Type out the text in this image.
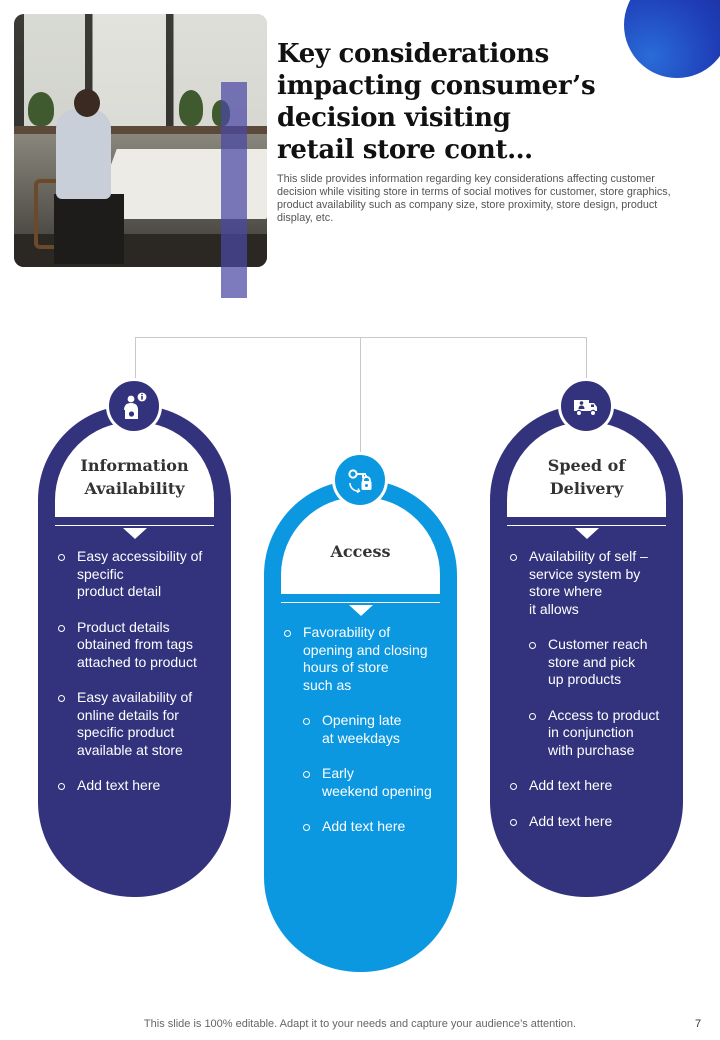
Key considerations
impacting consumer’s
decision visiting
retail store cont…

This slide provides information regarding key considerations affecting customer decision while visiting store in terms of social motives for customer, store graphics, product availability such as company size, store proximity, store design, product display, etc.

Information
Availability
Easy accessibility of
specific
product detail
Product details
obtained from tags
attached to product
Easy availability of
online details for
specific product
available at store
Add text here
Access
Favorability of
opening and closing
hours of store
such as
Opening late
at weekdays
Early
weekend opening
Add text here
Speed of
Delivery
Availability of self –
service system by
store where
it allows
Customer reach
store and pick
up products
Access to product
in conjunction
with purchase
Add text here
Add text here
This slide is 100% editable. Adapt it to your needs and capture your audience’s attention.	7
